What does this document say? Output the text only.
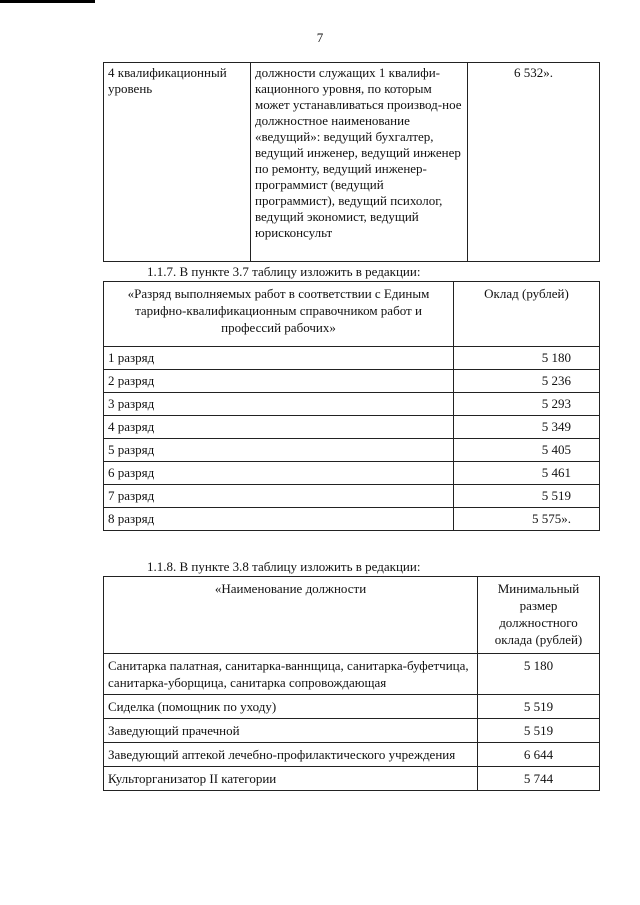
7
4 квалификационный уровень	должности служащих 1 квалифи-кационного уровня, по которым может устанавливаться производ-ное должностное наименование «ведущий»: ведущий бухгалтер, ведущий инженер, ведущий инженер по ремонту, ведущий инженер-программист (ведущий программист), ведущий психолог, ведущий экономист, ведущий юрисконсульт	6 532».
1.1.7. В пункте 3.7 таблицу изложить в редакции:
«Разряд выполняемых работ в соответствии с Единым тарифно-квалификационным справочником работ и профессий рабочих»	Оклад (рублей)
1 разряд	5 180
2 разряд	5 236
3 разряд	5 293
4 разряд	5 349
5 разряд	5 405
6 разряд	5 461
7 разряд	5 519
8 разряд	5 575».
1.1.8. В пункте 3.8 таблицу изложить в редакции:
«Наименование должности	Минимальный размер должностного оклада (рублей)
Санитарка палатная, санитарка-ваннщица, санитарка-буфетчица, санитарка-уборщица, санитарка сопровождающая	5 180
Сиделка (помощник по уходу)	5 519
Заведующий прачечной	5 519
Заведующий аптекой лечебно-профилактического учреждения	6 644
Культорганизатор II категории	5 744
